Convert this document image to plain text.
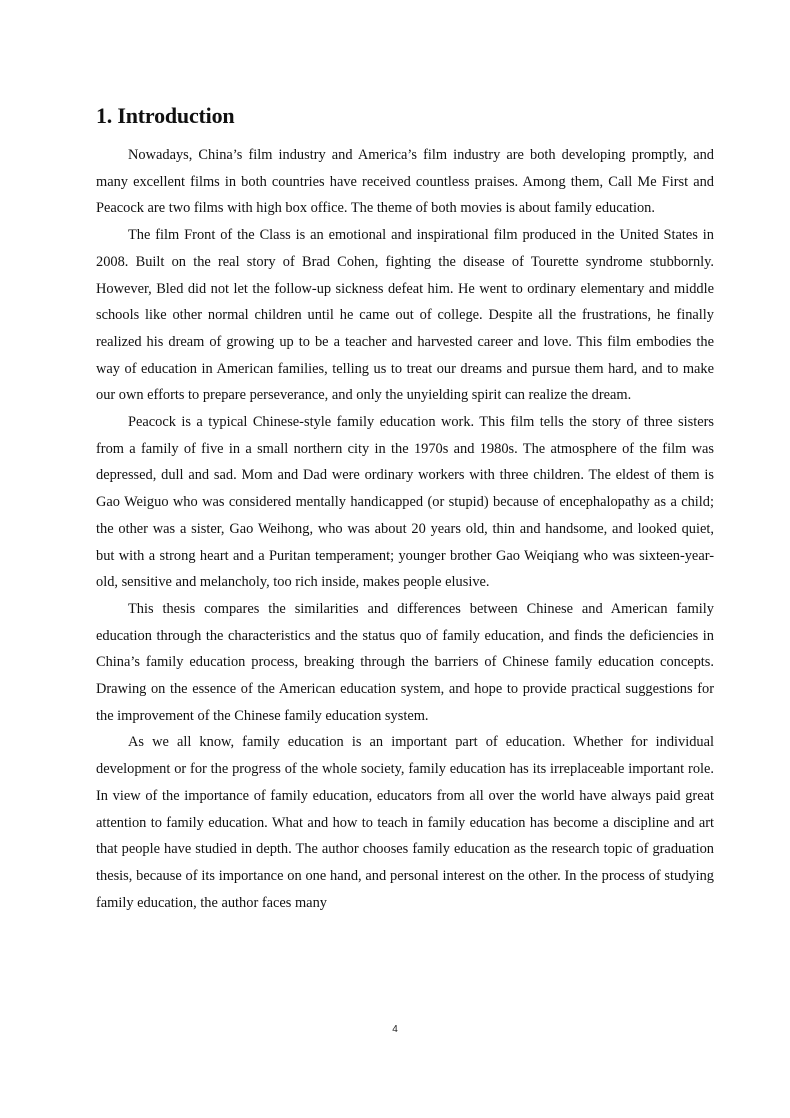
1. Introduction

Nowadays, China’s film industry and America’s film industry are both developing promptly, and many excellent films in both countries have received countless praises. Among them, Call Me First and Peacock are two films with high box office. The theme of both movies is about family education.

The film Front of the Class is an emotional and inspirational film produced in the United States in 2008. Built on the real story of Brad Cohen, fighting the disease of Tourette syndrome stubbornly. However, Bled did not let the follow-up sickness defeat him. He went to ordinary elementary and middle schools like other normal children until he came out of college. Despite all the frustrations, he finally realized his dream of growing up to be a teacher and harvested career and love. This film embodies the way of education in American families, telling us to treat our dreams and pursue them hard, and to make our own efforts to prepare perseverance, and only the unyielding spirit can realize the dream.

Peacock is a typical Chinese-style family education work. This film tells the story of three sisters from a family of five in a small northern city in the 1970s and 1980s. The atmosphere of the film was depressed, dull and sad. Mom and Dad were ordinary workers with three children. The eldest of them is Gao Weiguo who was considered mentally handicapped (or stupid) because of encephalopathy as a child; the other was a sister, Gao Weihong, who was about 20 years old, thin and handsome, and looked quiet, but with a strong heart and a Puritan temperament; younger brother Gao Weiqiang who was sixteen-year-old, sensitive and melancholy, too rich inside, makes people elusive.

This thesis compares the similarities and differences between Chinese and American family education through the characteristics and the status quo of family education, and finds the deficiencies in China’s family education process, breaking through the barriers of Chinese family education concepts. Drawing on the essence of the American education system, and hope to provide practical suggestions for the improvement of the Chinese family education system.

As we all know, family education is an important part of education. Whether for individual development or for the progress of the whole society, family education has its irreplaceable important role. In view of the importance of family education, educators from all over the world have always paid great attention to family education. What and how to teach in family education has become a discipline and art that people have studied in depth. The author chooses family education as the research topic of graduation thesis, because of its importance on one hand, and personal interest on the other. In the process of studying family education, the author faces many

4
